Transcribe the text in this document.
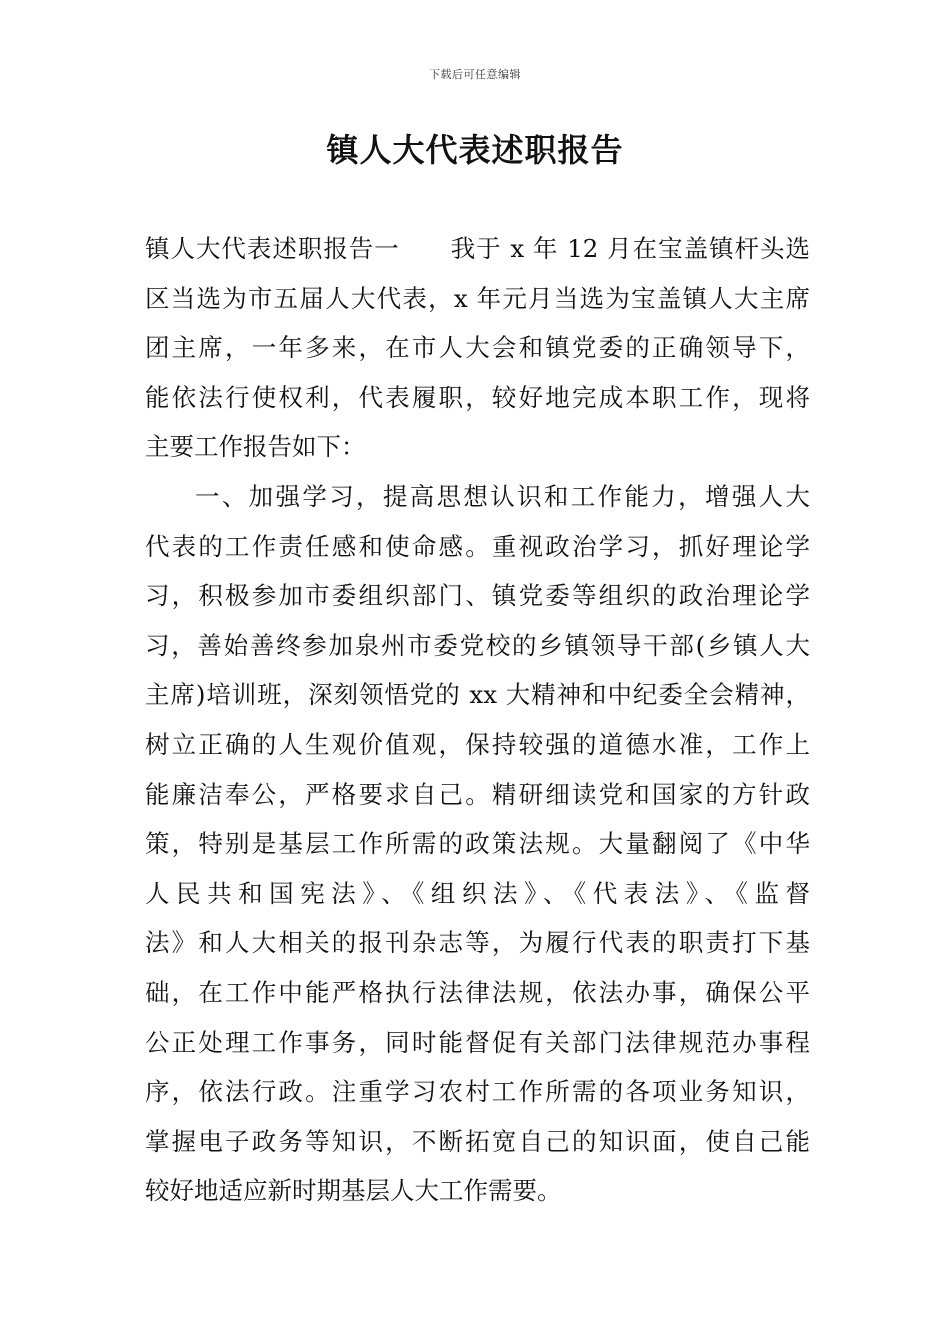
下载后可任意编辑
镇人大代表述职报告
镇人大代表述职报告一　　我于 x 年 12 月在宝盖镇杆头选
区当选为市五届人大代表，x 年元月当选为宝盖镇人大主席
团主席，一年多来，在市人大会和镇党委的正确领导下，
能依法行使权利，代表履职，较好地完成本职工作，现将
主要工作报告如下：
一、加强学习，提高思想认识和工作能力，增强人大
代表的工作责任感和使命感。重视政治学习，抓好理论学
习，积极参加市委组织部门、镇党委等组织的政治理论学
习，善始善终参加泉州市委党校的乡镇领导干部(乡镇人大
主席)培训班，深刻领悟党的 xx 大精神和中纪委全会精神，
树立正确的人生观价值观，保持较强的道德水准，工作上
能廉洁奉公，严格要求自己。精研细读党和国家的方针政
策，特别是基层工作所需的政策法规。大量翻阅了《中华
人民共和国宪法》、《组织法》、《代表法》、《监督
法》和人大相关的报刊杂志等，为履行代表的职责打下基
础，在工作中能严格执行法律法规，依法办事，确保公平
公正处理工作事务，同时能督促有关部门法律规范办事程
序，依法行政。注重学习农村工作所需的各项业务知识，
掌握电子政务等知识，不断拓宽自己的知识面，使自己能
较好地适应新时期基层人大工作需要。
